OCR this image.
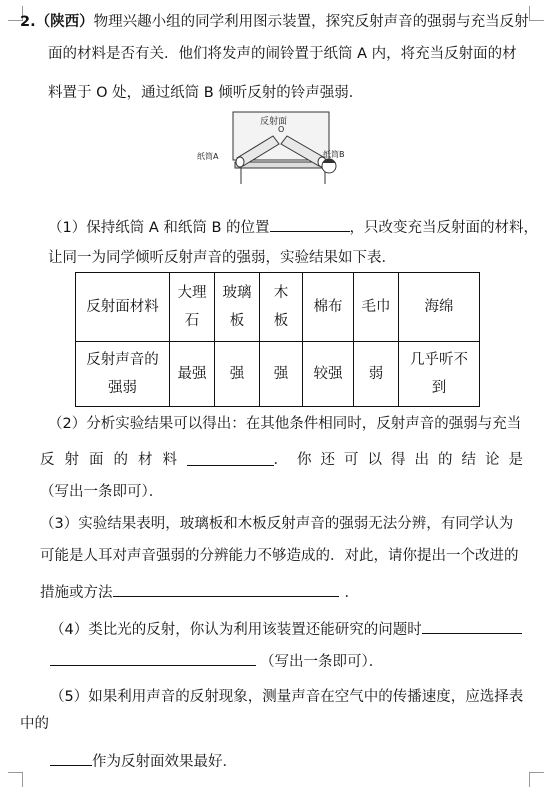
2.（陕西）物理兴趣小组的同学利用图示装置，探究反射声音的强弱与充当反射
面的材料是否有关．他们将发声的闹铃置于纸筒 A 内，将充当反射面的材
料置于 O 处，通过纸筒 B 倾听反射的铃声强弱．
反射面
O
纸筒A	纸筒B
（1）保持纸筒 A 和纸筒 B 的位置	，只改变充当反射面的材料，
让同一为同学倾听反射声音的强弱，实验结果如下表．
反射面材料	大理石	玻璃板	木板	棉布	毛巾	海绵

反射声音的强弱	最强	强	强	较强	弱	几乎听不到
（2）分析实验结果可以得出：在其他条件相同时，反射声音的强弱与充当
反射面的材料	．你还可以得出的结论是
（写出一条即可）．
（3）实验结果表明，玻璃板和木板反射声音的强弱无法分辨，有同学认为
可能是人耳对声音强弱的分辨能力不够造成的．对此，请你提出一个改进的
措施或方法	．
（4）类比光的反射，你认为利用该装置还能研究的问题时
（写出一条即可）．
（5）如果利用声音的反射现象，测量声音在空气中的传播速度，应选择表
中的
作为反射面效果最好．
